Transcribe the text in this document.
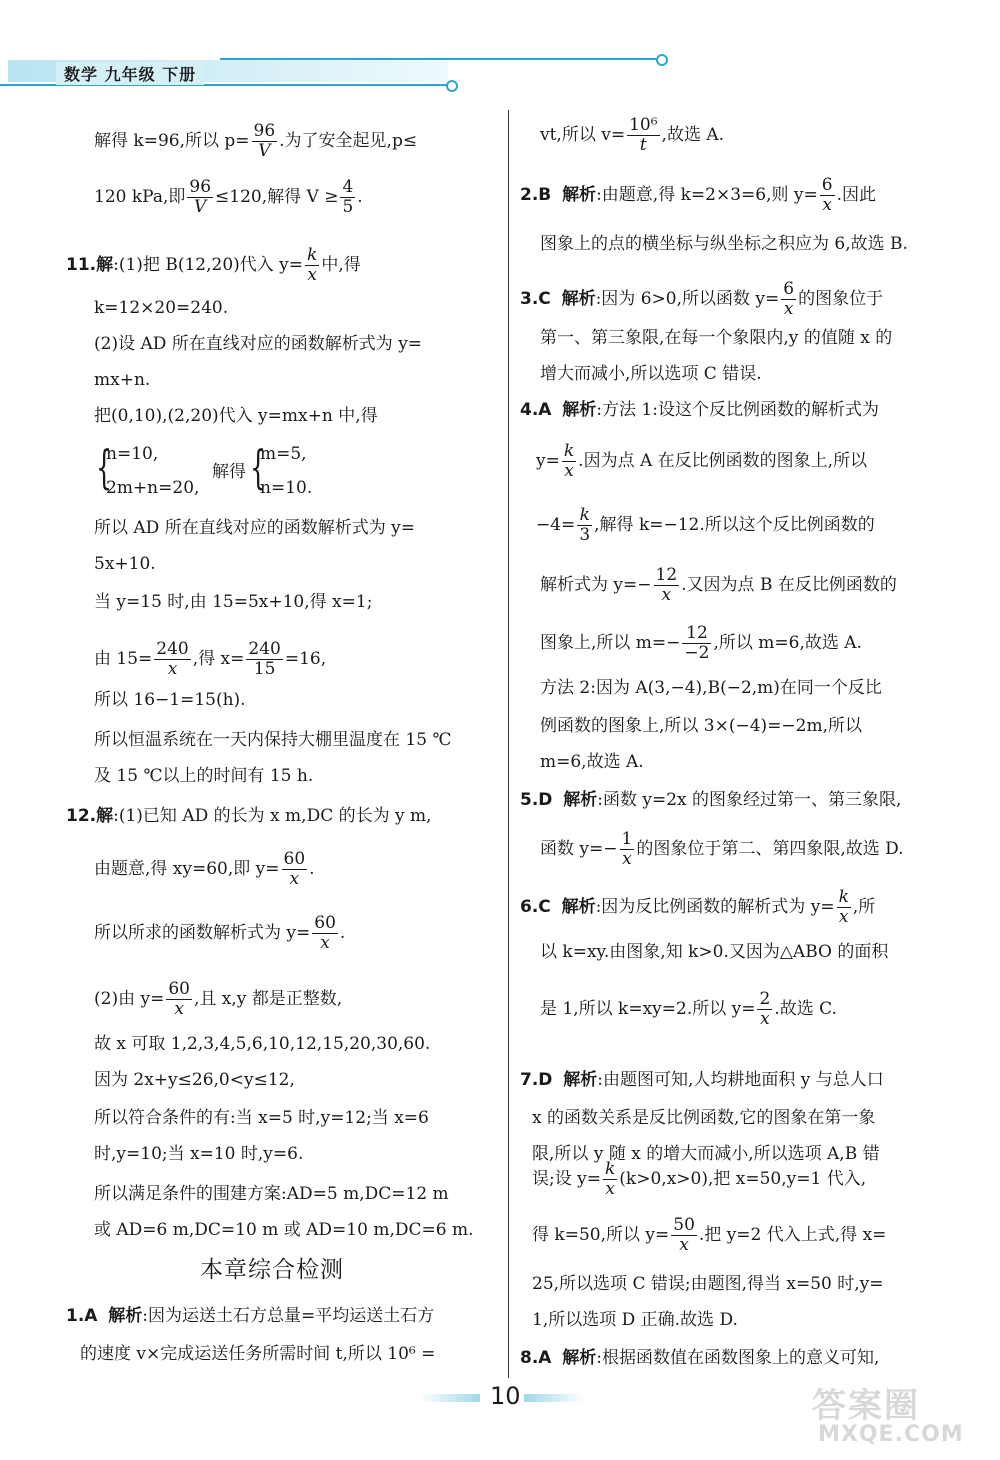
数学 九年级 下册
解得 k=96,所以 $p= \frac{96}{V}$ .为了安全起见,p≤
120 kPa,即 $\frac{96}{V} \le 120$,解得 $V \ge \frac{4}{5}$ .
11.解:(1)把 B(12,20)代入 $y= \frac{k}{x}$ 中,得
k=12×20=240.
(2)设 AD 所在直线对应的函数解析式为 y=
mx+n.
把(0,10),(2,20)代入 y=mx+n 中,得
{
n=10,
2m+n=20,
解得 {
m=5,
n=10.
所以 AD 所在直线对应的函数解析式为 y=
5x+10.
当 y=15 时,由 15=5x+10,得 x=1;
由 $15= \frac{240}{x}$ ,得 $x= \frac{240}{15} =16$,
所以 16−1=15(h).
所以恒温系统在一天内保持大棚里温度在 15 ℃
及 15 ℃以上的时间有 15 h.
12.解:(1)已知 AD 的长为 x m,DC 的长为 y m,
由题意,得 xy=60,即 $y= \frac{60}{x}$ .
所以所求的函数解析式为 $y= \frac{60}{x}$ .
(2)由 $y= \frac{60}{x}$ ,且 x,y 都是正整数,
故 x 可取 1,2,3,4,5,6,10,12,15,20,30,60.
因为 2x+y≤26,0<y≤12,
所以符合条件的有:当 x=5 时,y=12;当 x=6
时,y=10;当 x=10 时,y=6.
所以满足条件的围建方案:AD=5 m,DC=12 m
或 AD=6 m,DC=10 m 或 AD=10 m,DC=6 m.
本章综合检测
1.A 解析:因为运送土石方总量=平均运送土石方
的速度 v×完成运送任务所需时间 t,所以 10⁶ =
vt,所以 $v= \frac{\text{10⁶}}{t}$ ,故选 A.
2.B 解析:由题意,得 k=2×3=6,则 $y= \frac{6}{x}$ .因此
图象上的点的横坐标与纵坐标之积应为 6,故选 B.
3.C 解析:因为 6>0,所以函数 $y= \frac{6}{x}$ 的图象位于
第一、第三象限,在每一个象限内,y 的值随 x 的
增大而减小,所以选项 C 错误.
4.A 解析:方法 1:设这个反比例函数的解析式为
$y= \frac{k}{x}$ .因为点 A 在反比例函数的图象上,所以
$-4= \frac{k}{3}$ ,解得 k=−12.所以这个反比例函数的
解析式为 $y=- \frac{12}{x}$ .又因为点 B 在反比例函数的
图象上,所以 $m=- \frac{12}{-2}$ ,所以 m=6,故选 A.
方法 2:因为 A(3,−4),B(−2,m)在同一个反比
例函数的图象上,所以 3×(−4)=−2m,所以
m=6,故选 A.
5.D 解析:函数 y=2x 的图象经过第一、第三象限,
函数 $y=- \frac{1}{x}$ 的图象位于第二、第四象限,故选 D.
6.C 解析:因为反比例函数的解析式为 $y= \frac{k}{x}$ ,所
以 k=xy.由图象,知 k>0.又因为△ABO 的面积
是 1,所以 k=xy=2.所以 $y= \frac{2}{x}$ .故选 C.
7.D 解析:由题图可知,人均耕地面积 y 与总人口
x 的函数关系是反比例函数,它的图象在第一象
限,所以 y 随 x 的增大而减小,所以选项 A,B 错
误;设 $y= \frac{k}{x} (k>0,x>0)$,把 x=50,y=1 代入,
得 k=50,所以 $y= \frac{50}{x}$ .把 y=2 代入上式,得 x=
25,所以选项 C 错误;由题图,得当 x=50 时,y=
1,所以选项 D 正确.故选 D.
8.A 解析:根据函数值在函数图象上的意义可知,
10	答案圈
MXQE.COM
